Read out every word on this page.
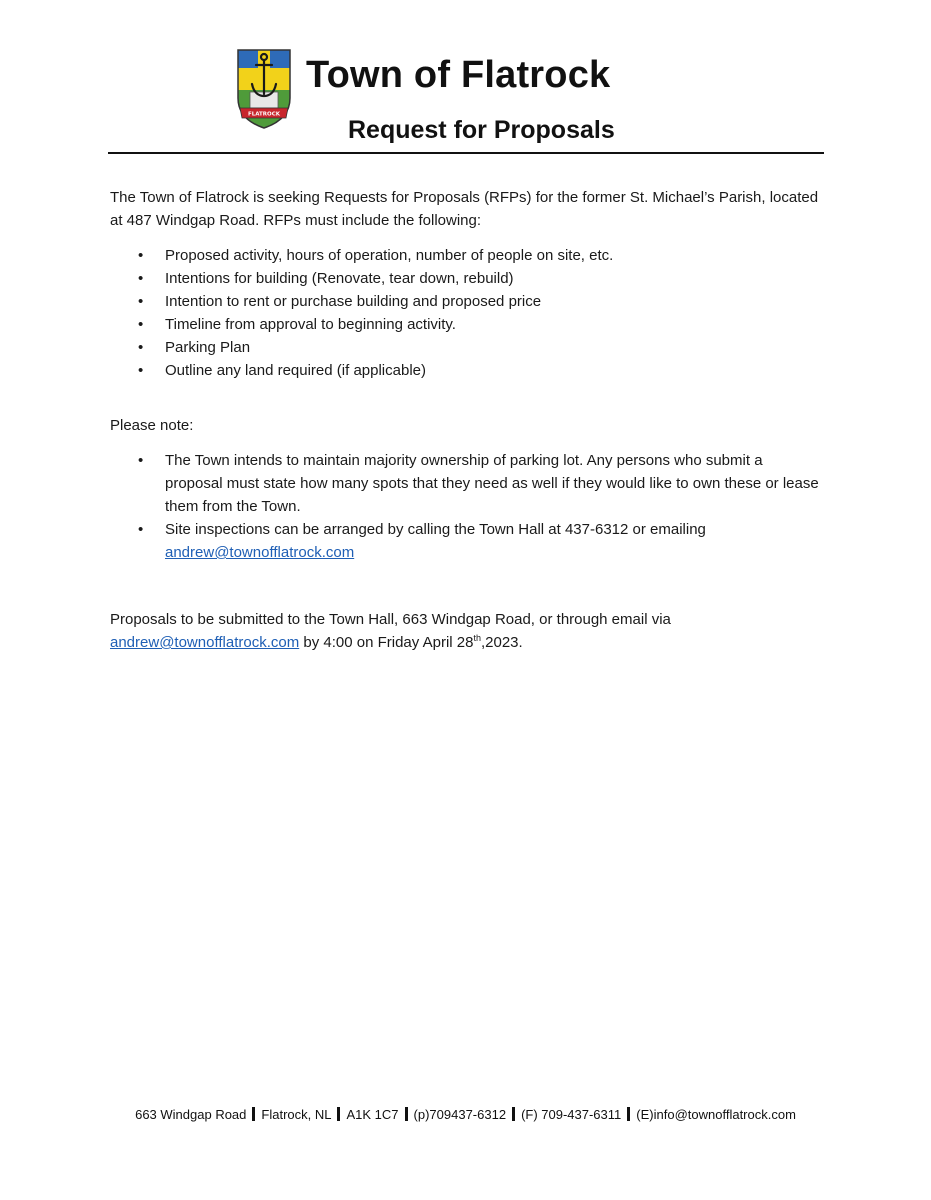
FLATROCK
Town of Flatrock
Request for Proposals

The Town of Flatrock is seeking Requests for Proposals (RFPs) for the former St. Michael’s Parish, located at 487 Windgap Road. RFPs must include the following:

• Proposed activity, hours of operation, number of people on site, etc.
• Intentions for building (Renovate, tear down, rebuild)
• Intention to rent or purchase building and proposed price
• Timeline from approval to beginning activity.
• Parking Plan
• Outline any land required (if applicable)

Please note:

• The Town intends to maintain majority ownership of parking lot. Any persons who submit a proposal must state how many spots that they need as well if they would like to own these or lease them from the Town.
• Site inspections can be arranged by calling the Town Hall at 437-6312 or emailing andrew@townofflatrock.com

Proposals to be submitted to the Town Hall, 663 Windgap Road, or through email via andrew@townofflatrock.com by 4:00 on Friday April 28th,2023.

663 Windgap Road Flatrock, NL A1K 1C7 (p)709437-6312 (F) 709-437-6311 (E)info@townofflatrock.com
